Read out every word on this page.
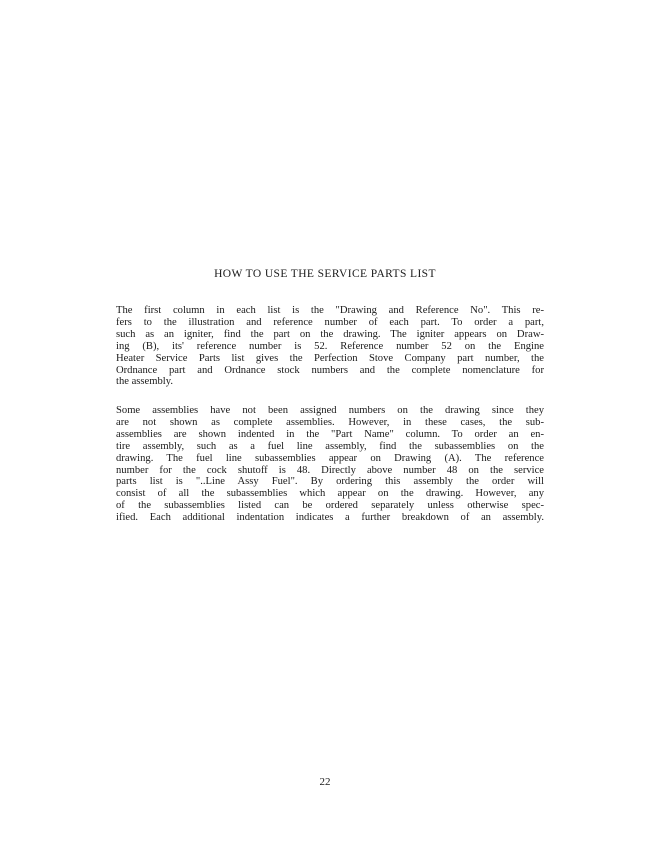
HOW TO USE THE SERVICE PARTS LIST
The first column in each list is the "Drawing and Reference No". This re-
fers to the illustration and reference number of each part. To order a part,
such as an igniter, find the part on the drawing. The igniter appears on Draw-
ing (B), its' reference number is 52. Reference number 52 on the Engine
Heater Service Parts list gives the Perfection Stove Company part number, the
Ordnance part and Ordnance stock numbers and the complete nomenclature for
the assembly.
Some assemblies have not been assigned numbers on the drawing since they
are not shown as complete assemblies. However, in these cases, the sub-
assemblies are shown indented in the "Part Name" column. To order an en-
tire assembly, such as a fuel line assembly, find the subassemblies on the
drawing. The fuel line subassemblies appear on Drawing (A). The reference
number for the cock shutoff is 48. Directly above number 48 on the service
parts list is "..Line Assy Fuel". By ordering this assembly the order will
consist of all the subassemblies which appear on the drawing. However, any
of the subassemblies listed can be ordered separately unless otherwise spec-
ified. Each additional indentation indicates a further breakdown of an assembly.
22
